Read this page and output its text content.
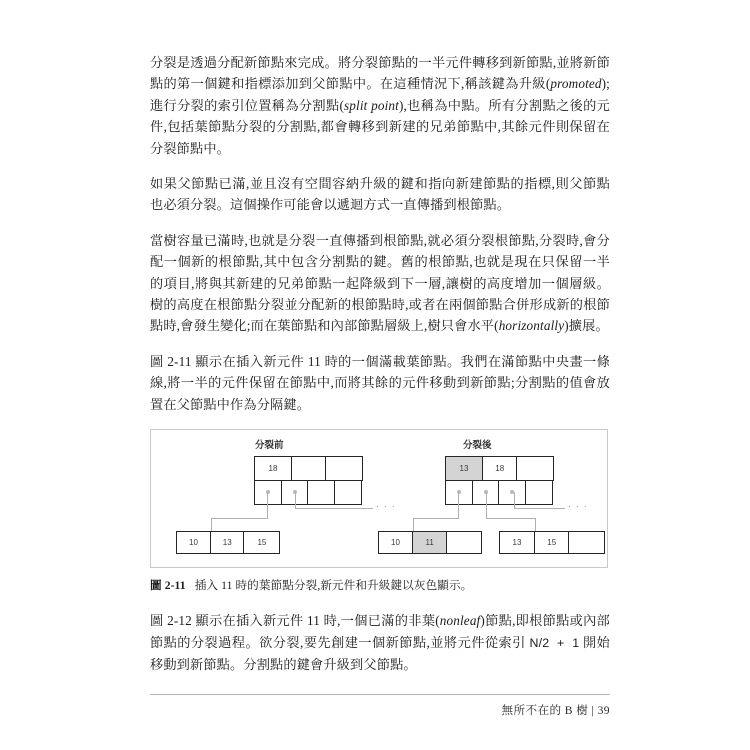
分裂是透過分配新節點來完成。將分裂節點的一半元件轉移到新節點,並將新節點的第一個鍵和指標添加到父節點中。在這種情況下,稱該鍵為升級(promoted);進行分裂的索引位置稱為分割點(split point),也稱為中點。所有分割點之後的元件,包括葉節點分裂的分割點,都會轉移到新建的兄弟節點中,其餘元件則保留在分裂節點中。

如果父節點已滿,並且沒有空間容納升級的鍵和指向新建節點的指標,則父節點也必須分裂。這個操作可能會以遞迴方式一直傳播到根節點。

當樹容量已滿時,也就是分裂一直傳播到根節點,就必須分裂根節點,分裂時,會分配一個新的根節點,其中包含分割點的鍵。舊的根節點,也就是現在只保留一半的項目,將與其新建的兄弟節點一起降級到下一層,讓樹的高度增加一個層級。樹的高度在根節點分裂並分配新的根節點時,或者在兩個節點合併形成新的根節點時,會發生變化;而在葉節點和內部節點層級上,樹只會水平(horizontally)擴展。

圖 2-11 顯示在插入新元件 11 時的一個滿載葉節點。我們在滿節點中央畫一條線,將一半的元件保留在節點中,而將其餘的元件移動到新節點;分割點的值會放置在父節點中作為分隔鍵。

分裂前	分裂後
18
· · ·
10	13	15
13	18
· · ·
10	11	13	15

圖 2-11 插入 11 時的葉節點分裂,新元件和升級鍵以灰色顯示。

圖 2-12 顯示在插入新元件 11 時,一個已滿的非葉(nonleaf)節點,即根節點或內部節點的分裂過程。欲分裂,要先創建一個新節點,並將元件從索引 N/2  +  1 開始移動到新節點。分割點的鍵會升級到父節點。

無所不在的 B 樹 | 39
